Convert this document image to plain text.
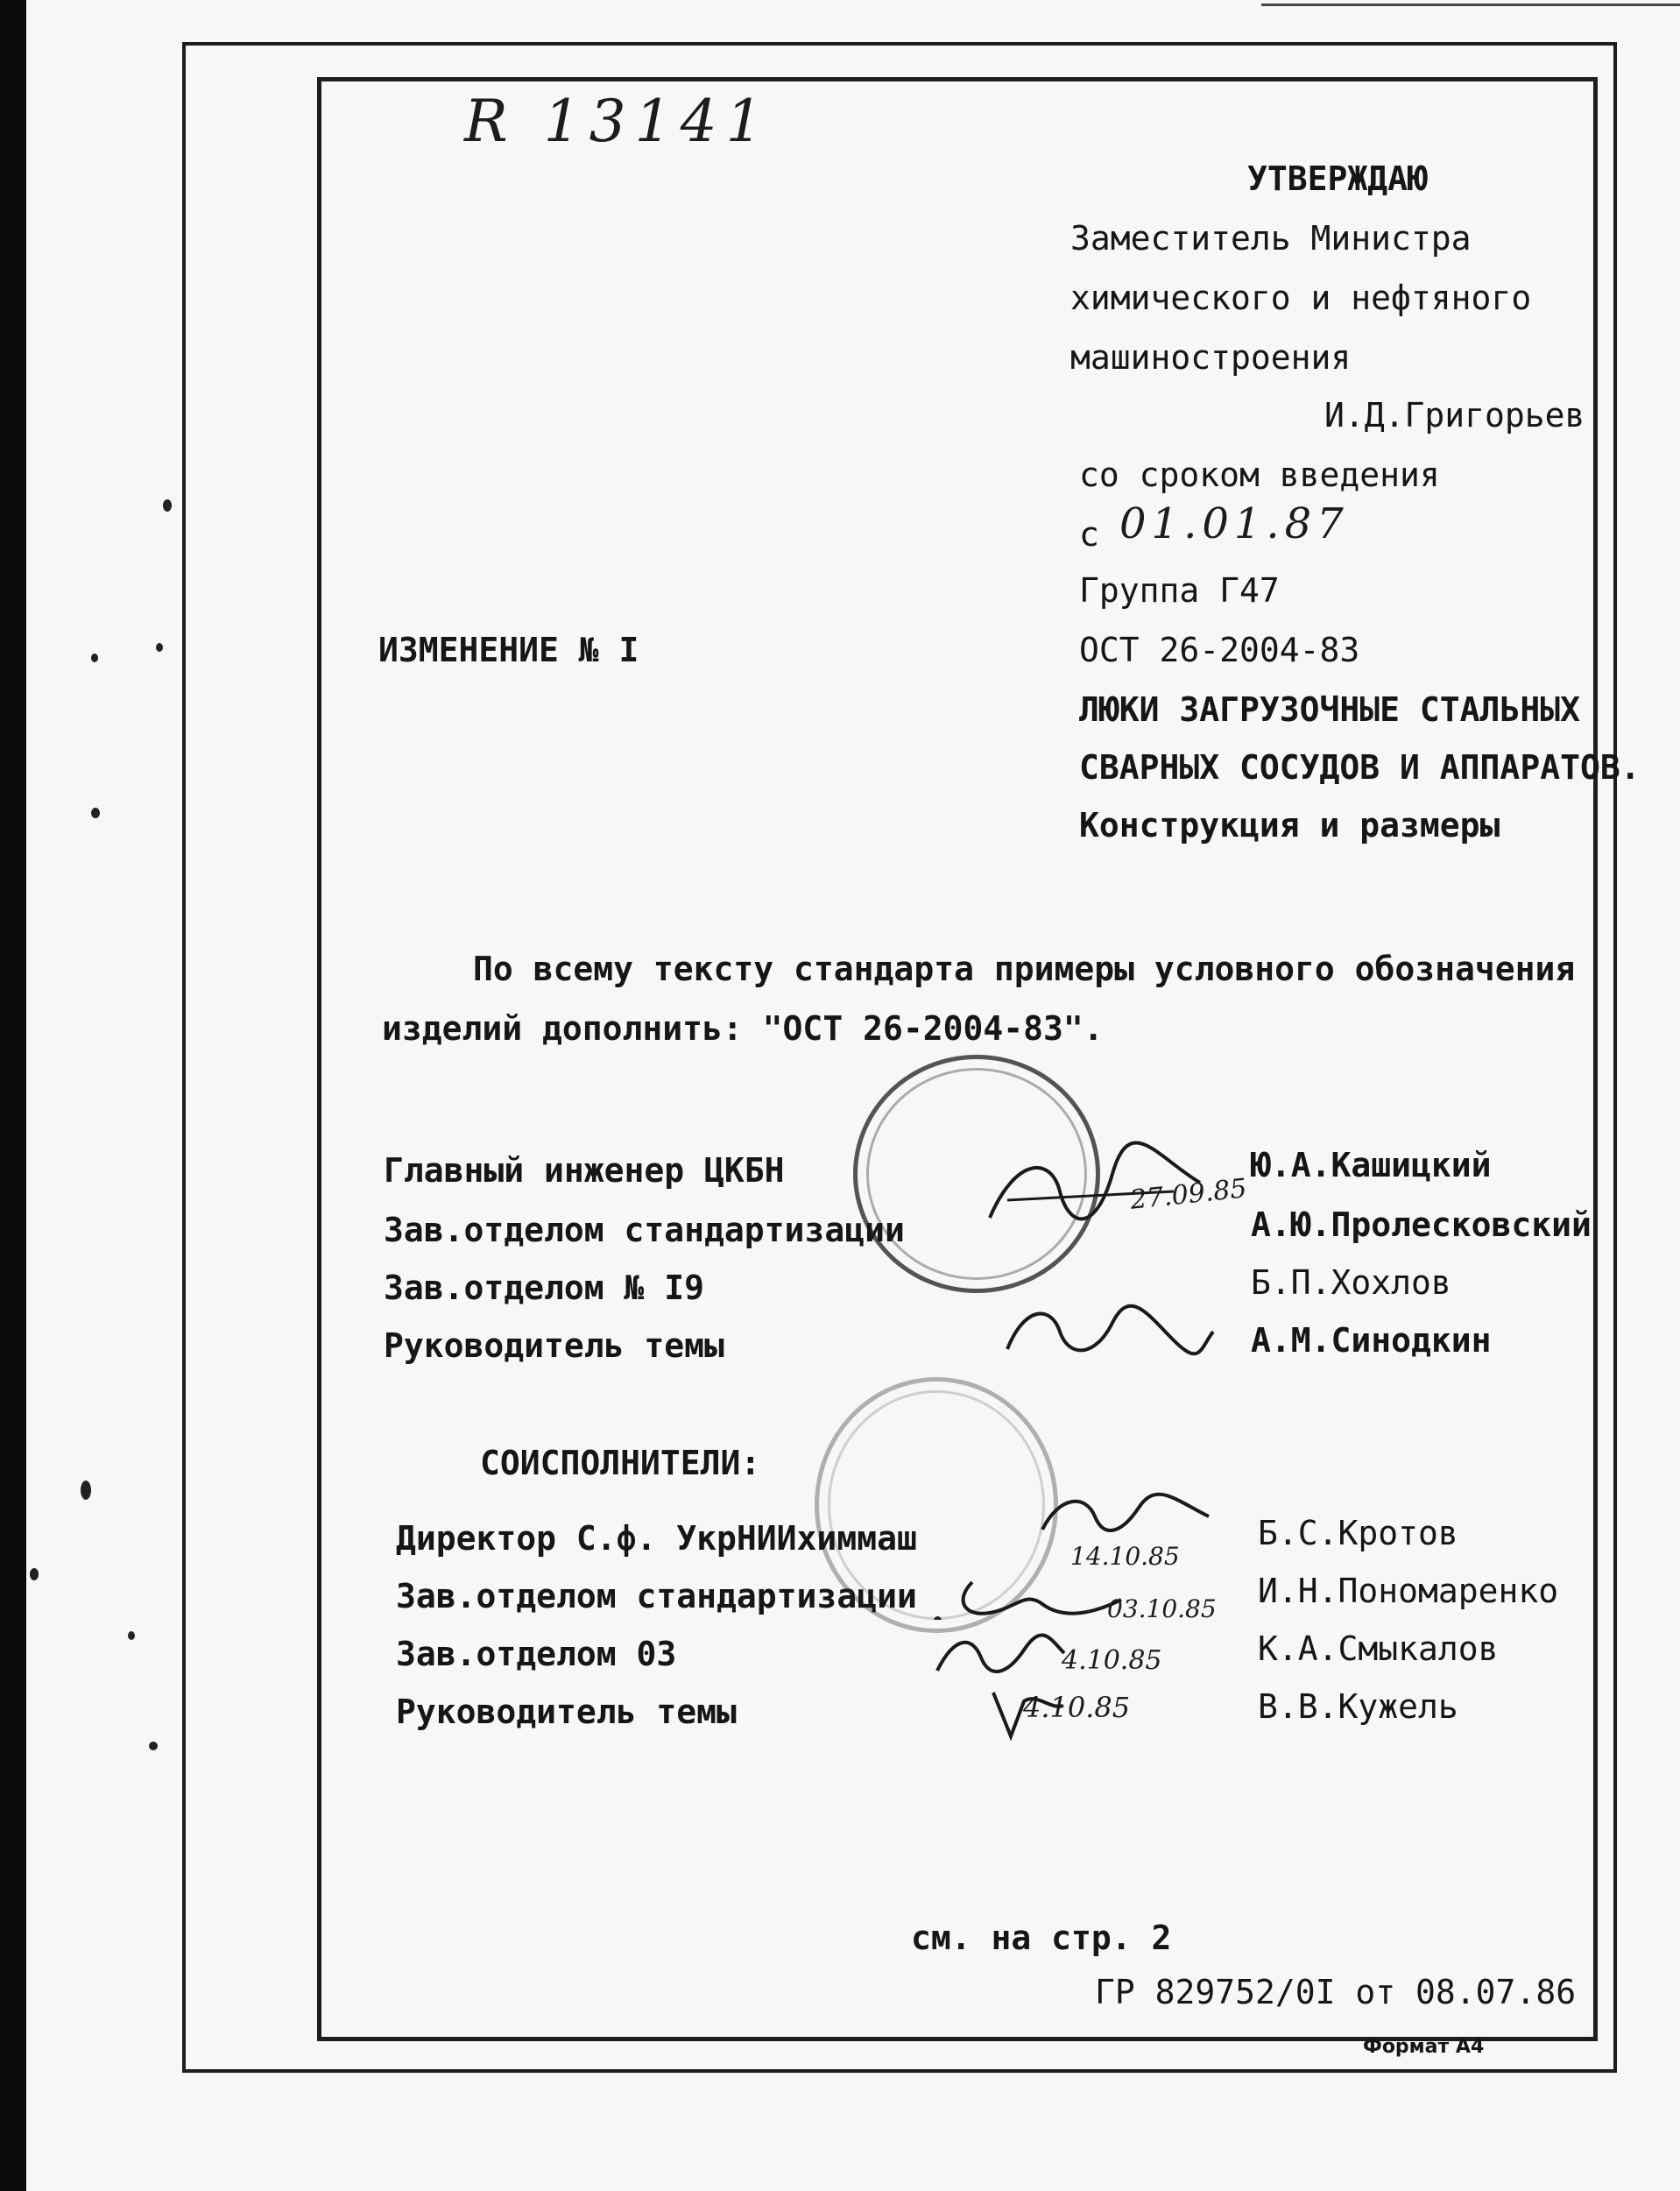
R 13141
УТВЕРЖДАЮ
Заместитель Министра
химического и нефтяного
машиностроения
И.Д.Григорьев
со сроком введения
с 01.01.87
Группа Г47
ИЗМЕНЕНИЕ № I	ОСТ 26-2004-83
ЛЮКИ ЗАГРУЗОЧНЫЕ СТАЛЬНЫХ
СВАРНЫХ СОСУДОВ И АППАРАТОВ.
Конструкция и размеры
По всему тексту стандарта примеры условного обозначения
изделий дополнить: "ОСТ 26-2004-83".
Главный инженер ЦКБН	Ю.А.Кашицкий
Зав.отделом стандартизации	А.Ю.Пролесковский
Зав.отделом № I9	Б.П.Хохлов
Руководитель темы	А.М.Синодкин
27.09.85
СОИСПОЛНИТЕЛИ:
Директор С.ф. УкрНИИхиммаш	Б.С.Кротов
Зав.отделом стандартизации	И.Н.Пономаренко
Зав.отделом 03	К.А.Смыкалов
Руководитель темы	В.В.Кужель
14.10.85
03.10.85
4.10.85
4.10.85
см. на стр. 2
ГР 829752/0I от 08.07.86
Формат А4
